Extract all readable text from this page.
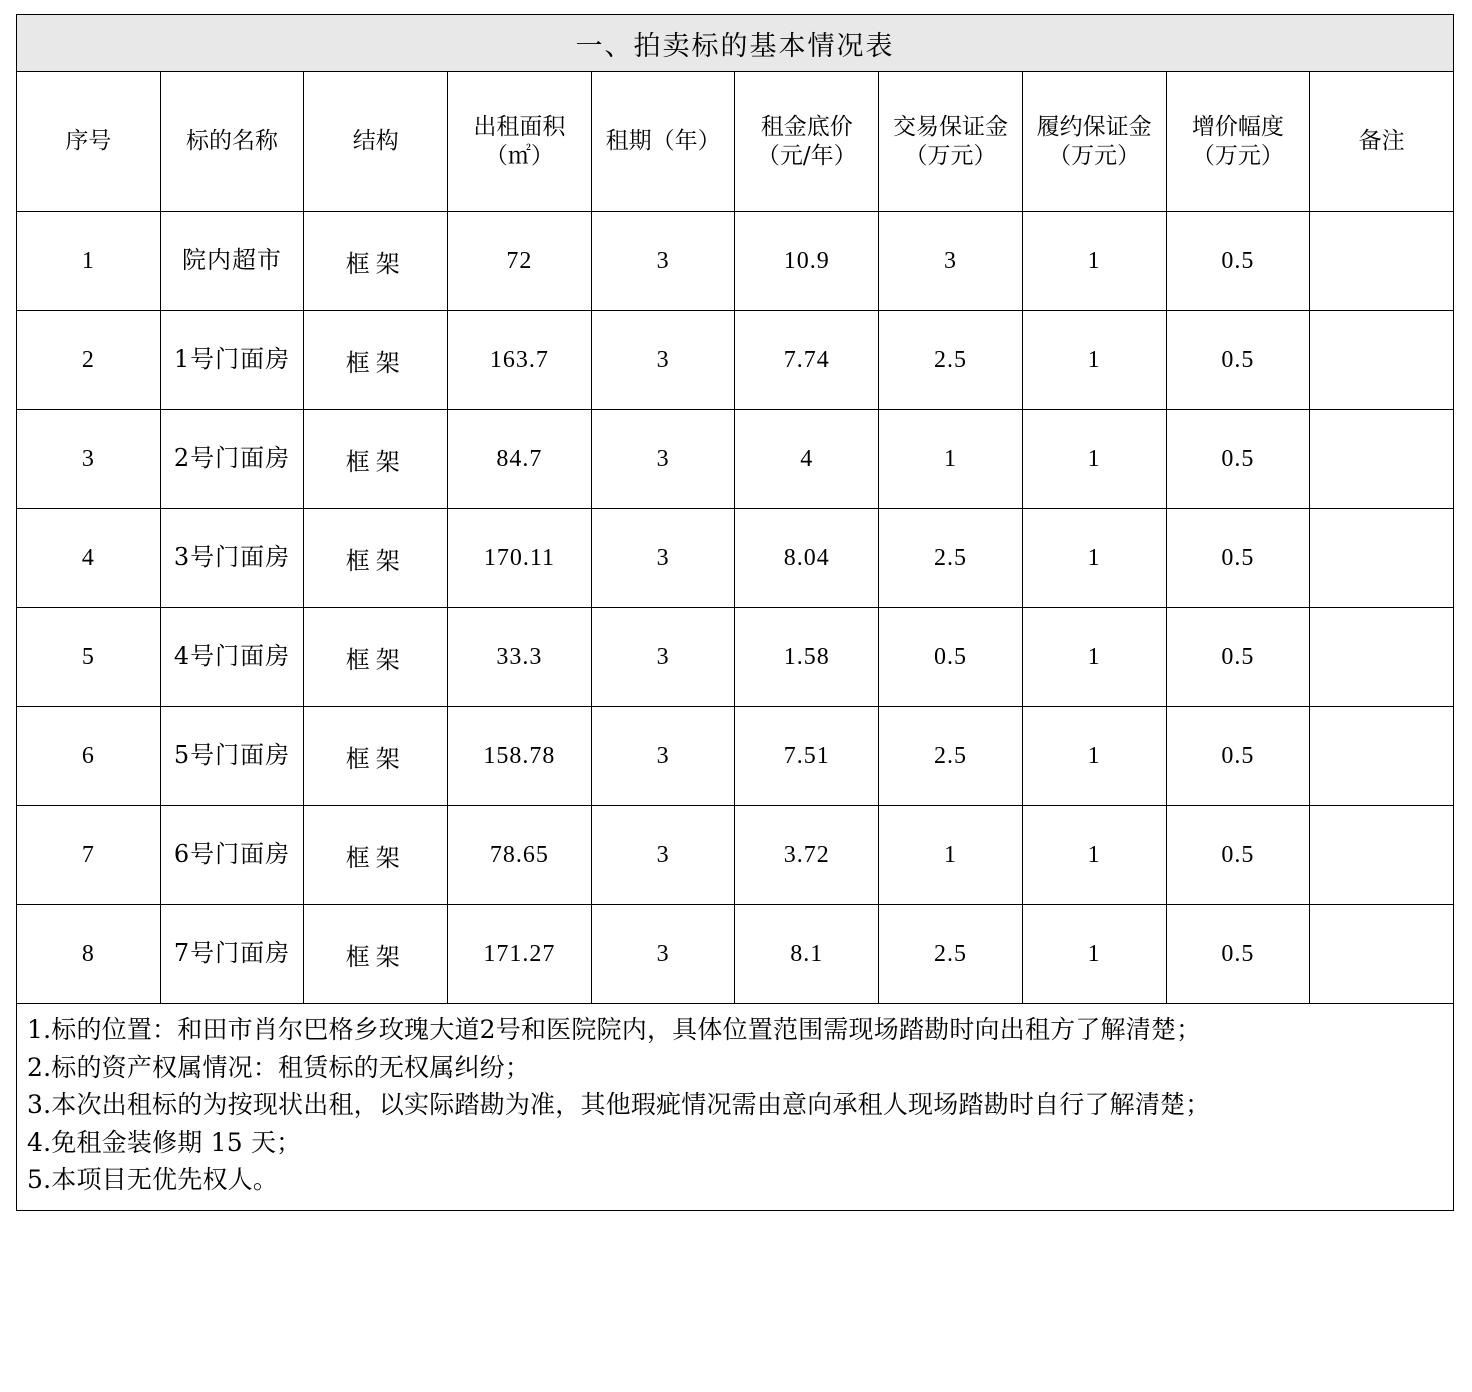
一、拍卖标的基本情况表									
序号	标的名称	结构	出租面积（㎡）	租期（年）	租金底价（元/年）	交易保证金（万元）	履约保证金（万元）	增价幅度（万元）	备注
1	院内超市	框架	72	3	10.9	3	1	0.5	
2	1号门面房	框架	163.7	3	7.74	2.5	1	0.5	
3	2号门面房	框架	84.7	3	4	1	1	0.5	
4	3号门面房	框架	170.11	3	8.04	2.5	1	0.5	
5	4号门面房	框架	33.3	3	1.58	0.5	1	0.5	
6	5号门面房	框架	158.78	3	7.51	2.5	1	0.5	
7	6号门面房	框架	78.65	3	3.72	1	1	0.5	
8	7号门面房	框架	171.27	3	8.1	2.5	1	0.5	

1.标的位置：和田市肖尔巴格乡玫瑰大道2号和医院院内，具体位置范围需现场踏勘时向出租方了解清楚；

2.标的资产权属情况：租赁标的无权属纠纷；

3.本次出租标的为按现状出租，以实际踏勘为准，其他瑕疵情况需由意向承租人现场踏勘时自行了解清楚；

4.免租金装修期 15 天；

5.本项目无优先权人。
